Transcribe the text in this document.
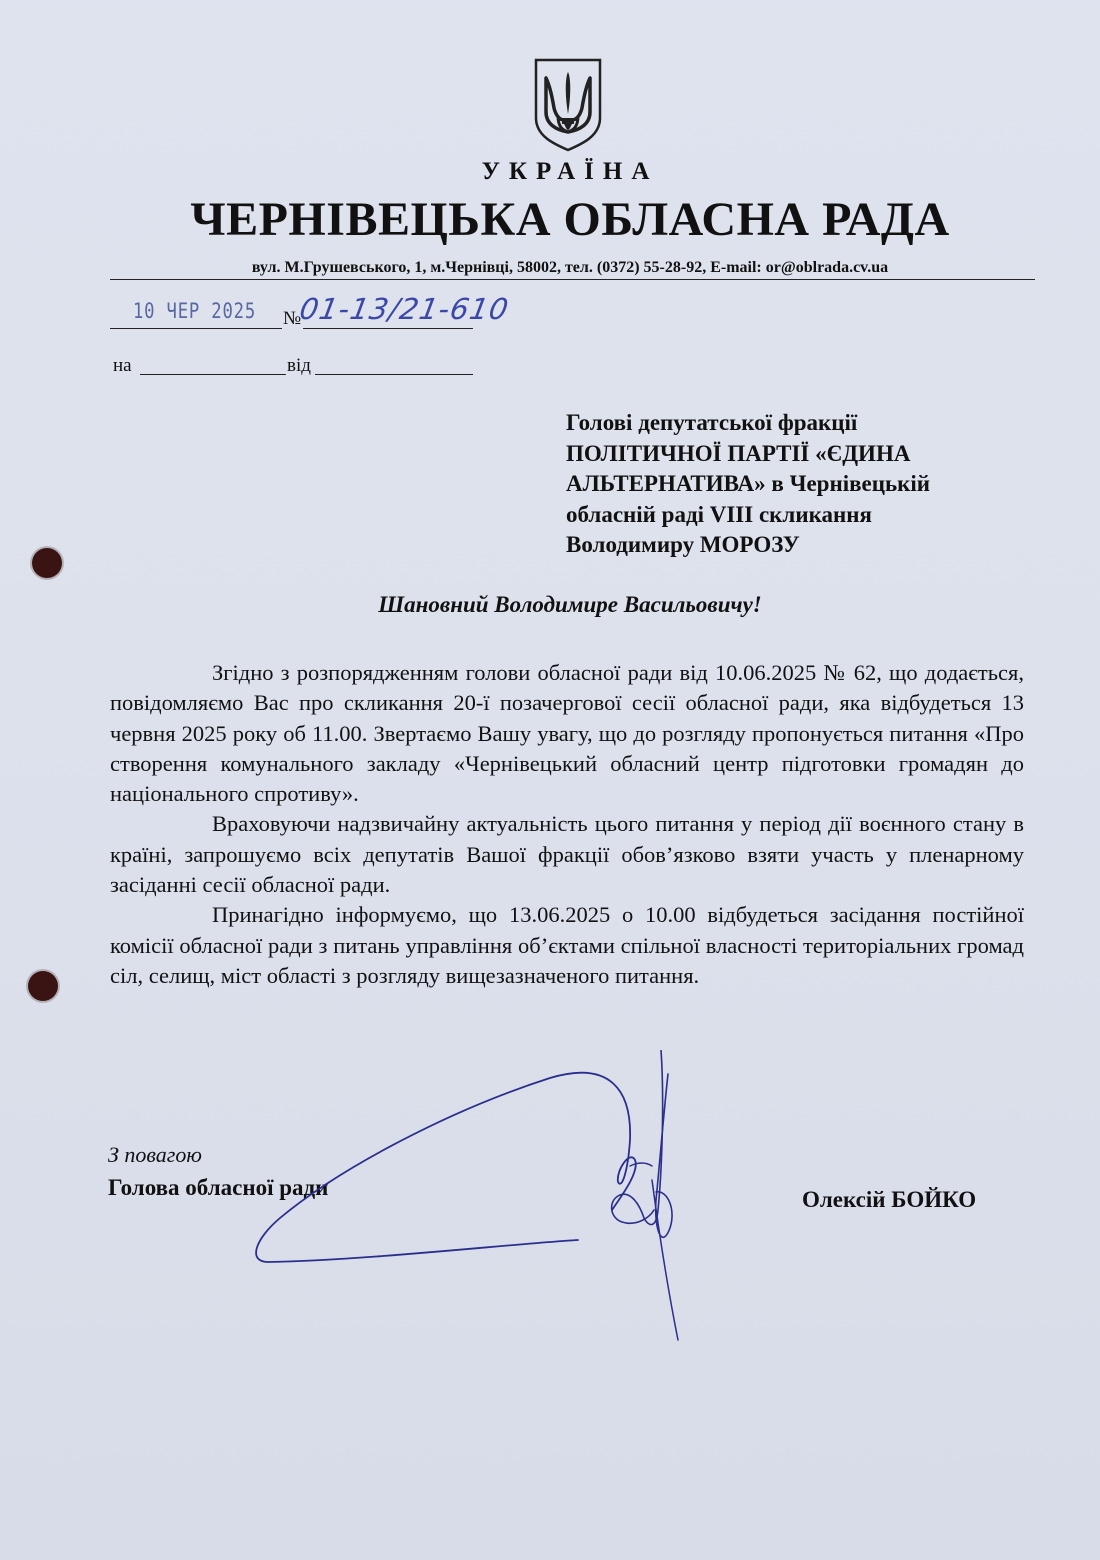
УКРАЇНА
ЧЕРНІВЕЦЬКА ОБЛАСНА РАДА
вул. М.Грушевського, 1, м.Чернівці, 58002, тел. (0372) 55-28-92, E-mail: or@oblrada.cv.ua
10 ЧЕР 2025 №
01-13/21-610
на	від
Голові депутатської фракції
ПОЛІТИЧНОЇ ПАРТІЇ «ЄДИНА
АЛЬТЕРНАТИВА» в Чернівецькій
обласній раді VIII скликання
Володимиру МОРОЗУ
Шановний Володимире Васильовичу!

Згідно з розпорядженням голови обласної ради від 10.06.2025 № 62, що додається, повідомляємо Вас про скликання 20-ї позачергової сесії обласної ради, яка відбудеться 13 червня 2025 року об 11.00. Звертаємо Вашу увагу, що до розгляду пропонується питання «Про створення комунального закладу «Чернівецький обласний центр підготовки громадян до національного спротиву».

Враховуючи надзвичайну актуальність цього питання у період дії воєнного стану в країні, запрошуємо всіх депутатів Вашої фракції обов’язково взяти участь у пленарному засіданні сесії обласної ради.

Принагідно інформуємо, що 13.06.2025 о 10.00 відбудеться засідання постійної комісії обласної ради з питань управління об’єктами спільної власності територіальних громад сіл, селищ, міст області з розгляду вищезазначеного питання.

З повагою
Голова обласної ради	Олексій БОЙКО
